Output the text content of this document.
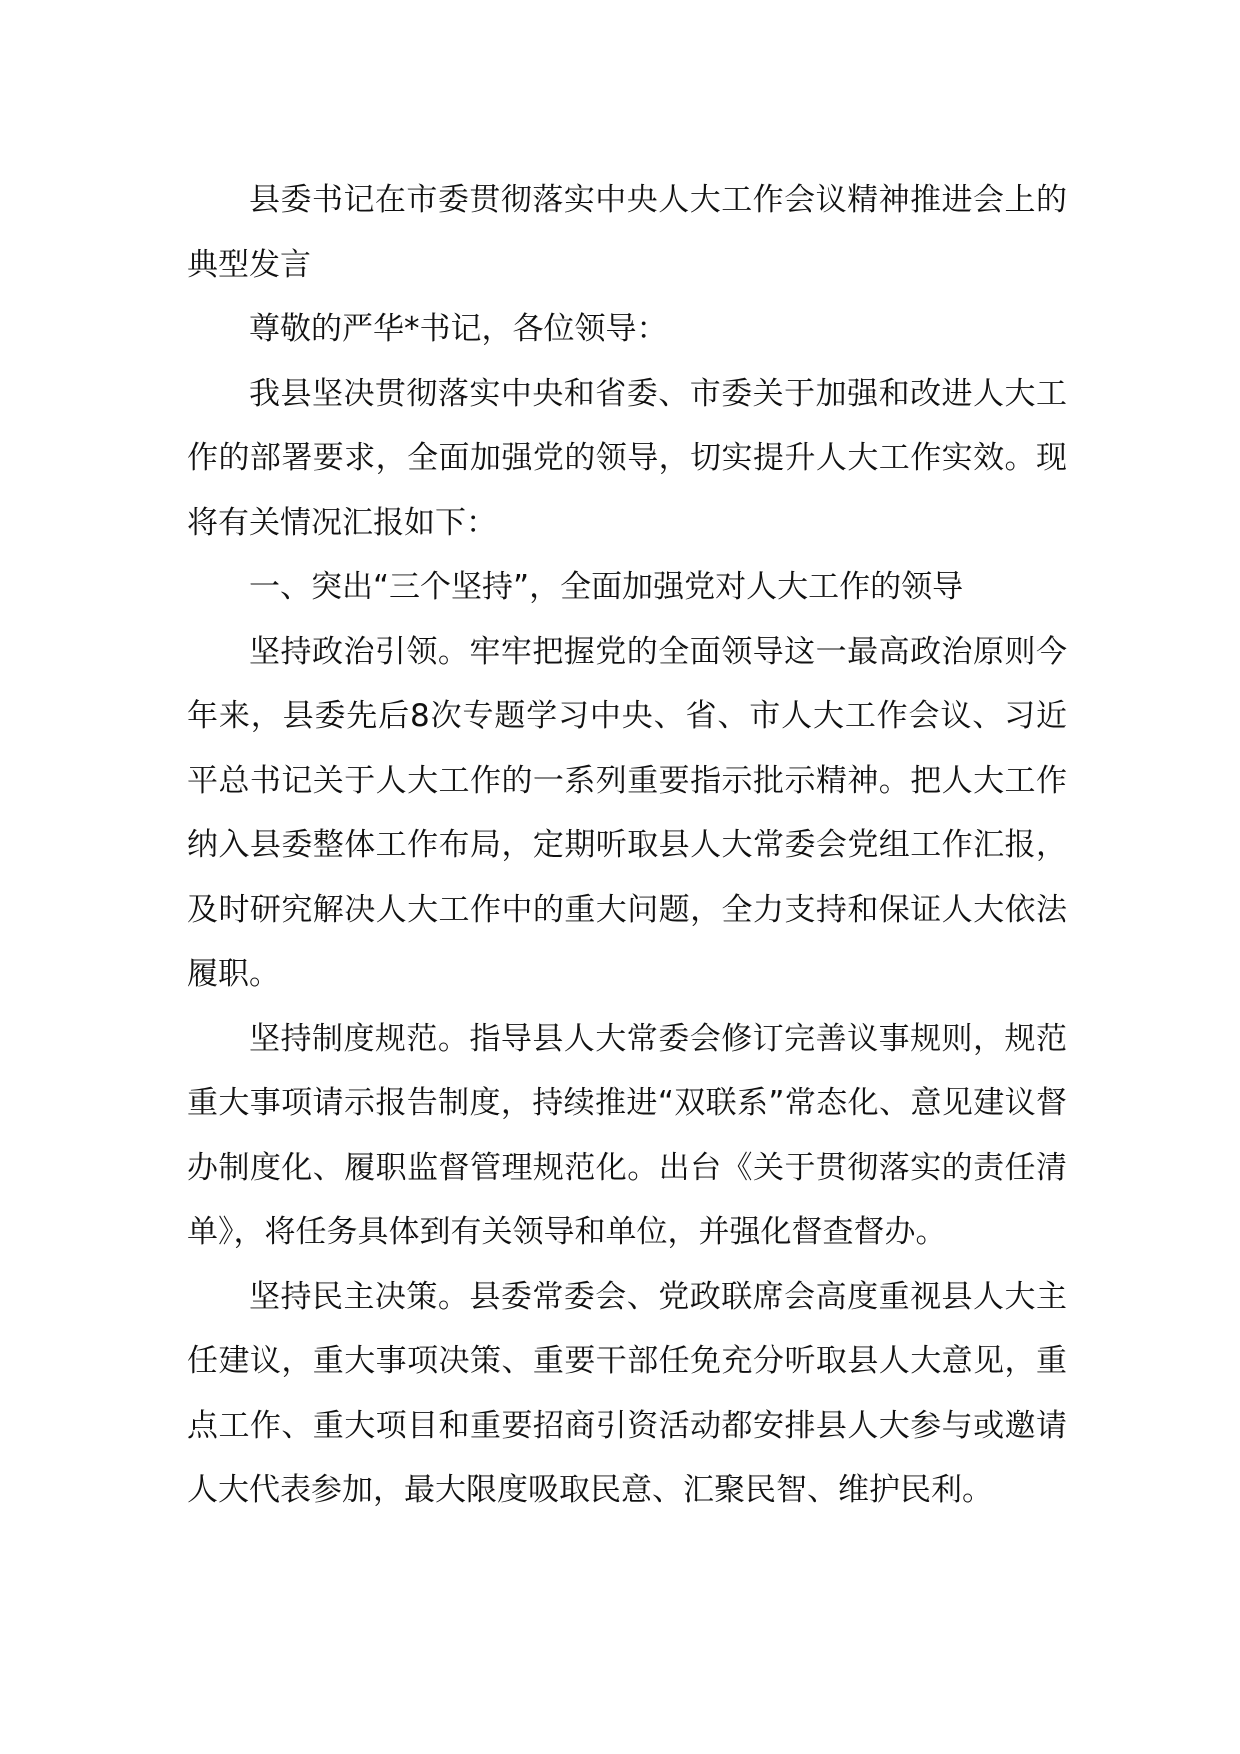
县委书记在市委贯彻落实中央人大工作会议精神推进会上的典型发言

尊敬的严华*书记，各位领导：

我县坚决贯彻落实中央和省委、市委关于加强和改进人大工作的部署要求，全面加强党的领导，切实提升人大工作实效。现将有关情况汇报如下：

一、突出“三个坚持”，全面加强党对人大工作的领导

坚持政治引领。牢牢把握党的全面领导这一最高政治原则今年来，县委先后8次专题学习中央、省、市人大工作会议、习近平总书记关于人大工作的一系列重要指示批示精神。把人大工作纳入县委整体工作布局，定期听取县人大常委会党组工作汇报，及时研究解决人大工作中的重大问题，全力支持和保证人大依法履职。

坚持制度规范。指导县人大常委会修订完善议事规则，规范重大事项请示报告制度，持续推进“双联系”常态化、意见建议督办制度化、履职监督管理规范化。出台《关于贯彻落实的责任清单》，将任务具体到有关领导和单位，并强化督查督办。

坚持民主决策。县委常委会、党政联席会高度重视县人大主任建议，重大事项决策、重要干部任免充分听取县人大意见，重点工作、重大项目和重要招商引资活动都安排县人大参与或邀请人大代表参加，最大限度吸取民意、汇聚民智、维护民利。
